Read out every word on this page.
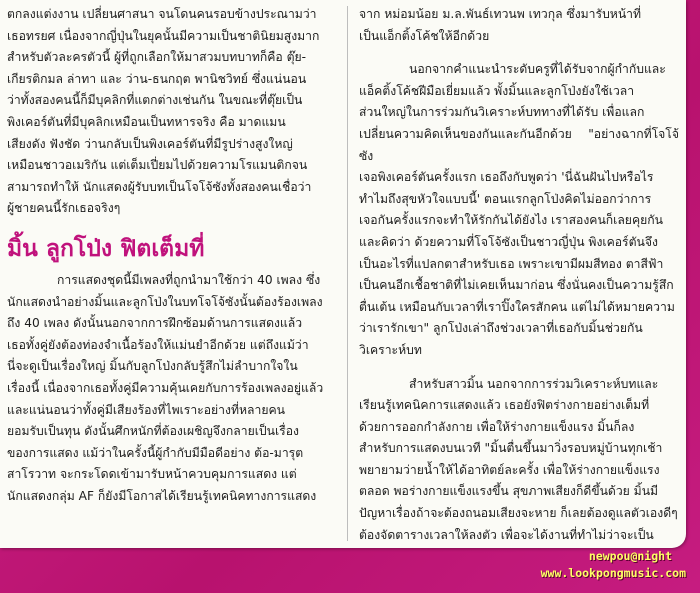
ตกลงแต่งงาน เปลี่ยนศาสนา จนโดนคนรอบข้างประณามว่า
เธอทรยศ เนื่องจากญี่ปุ่นในยุคนั้นมีความเป็นชาตินิยมสูงมาก
สำหรับตัวละครตัวนี้ ผู้ที่ถูกเลือกให้มาสวมบทบาทก็คือ ตุ๊ย-
เกียรติกมล ล่าทา และ ว่าน-ธนกฤต พานิชวิทย์ ซึ่งแน่นอน
ว่าทั้งสองคนนี้ก็มีบุคลิกที่แตกต่างเช่นกัน ในขณะที่ตุ๊ยเป็น
พิงเคอร์ตันที่มีบุคลิกเหมือนเป็นทหารจริง คือ มาดแมน
เสียงดัง ฟังชัด ว่านกลับเป็นพิงเคอร์ตันที่มีรูปร่างสูงใหญ่
เหมือนชาวอเมริกัน แต่เต็มเปี่ยมไปด้วยความโรแมนติกจน
สามารถทำให้ นักแสดงผู้รับบทเป็นโจโจ้ซังทั้งสองคนเชื่อว่า
ผู้ชายคนนี้รักเธอจริงๆ

มิ้น ลูกโป่ง ฟิตเต็มที่

การแสดงชุดนี้มีเพลงที่ถูกนำมาใช้กว่า 40 เพลง ซึ่ง
นักแสดงนำอย่างมิ้นและลูกโป่งในบทโจโจ้ซังนั้นต้องร้องเพลง
ถึง 40 เพลง ดังนั้นนอกจากการฝึกซ้อมด้านการแสดงแล้ว
เธอทั้งคู่ยังต้องท่องจำเนื้อร้องให้แม่นยำอีกด้วย แต่ถึงแม้ว่า
นี่จะดูเป็นเรื่องใหญ่ มิ้นกับลูกโป่งกลับรู้สึกไม่ลำบากใจใน
เรื่องนี้ เนื่องจากเธอทั้งคู่มีความคุ้นเคยกับการร้องเพลงอยู่แล้ว
และแน่นอนว่าทั้งคู่มีเสียงร้องที่ไพเราะอย่างที่หลายคน
ยอมรับเป็นทุน ดังนั้นศึกหนักที่ต้องเผชิญจึงกลายเป็นเรื่อง
ของการแสดง แม้ว่าในครั้งนี้ผู้กำกับมีมือดีอย่าง ต้อ-มารุต
สาโรวาท จะกระโดดเข้ามารับหน้าควบคุมการแสดง แต่
นักแสดงกลุ่ม AF ก็ยังมีโอกาสได้เรียนรู้เทคนิคทางการแสดง

จาก หม่อมน้อย ม.ล.พันธ์เทวนพ เทวกุล ซึ่งมารับหน้าที่
เป็นแอ็กติ้งโค้ชให้อีกด้วย

นอกจากคำแนะนำระดับครูที่ได้รับจากผู้กำกับและ
แอ็คติ้งโค้ชฝีมือเยี่ยมแล้ว พั้งมิ้นและลูกโป่งยังใช้เวลา
ส่วนใหญ่ในการร่วมกันวิเคราะห์บททางที่ได้รับ เพื่อแลก
เปลี่ยนความคิดเห็นของกันและกันอีกด้วย "อย่างฉากที่โจโจ้ซัง
เจอพิงเคอร์ตันครั้งแรก เธอถึงกับพูดว่า 'นี่ฉันฝันไปหรือไร
ทำไมถึงสุขหัวใจแบบนี้' ตอนแรกลูกโป่งคิดไม่ออกว่าการ
เจอกันครั้งแรกจะทำให้รักกันได้ยังไง เราสองคนก็เลยคุยกัน
และคิดว่า ด้วยความที่โจโจ้ซังเป็นชาวญี่ปุ่น พิงเคอร์ตันจึง
เป็นอะไรที่แปลกตาสำหรับเธอ เพราะเขามีผมสีทอง ตาสีฟ้า
เป็นคนอีกเชื้อชาติที่ไม่เคยเห็นมาก่อน ซึ่งนั่นคงเป็นความรู้สึก
ตื่นเต้น เหมือนกับเวลาที่เราปิ๊งใครสักคน แต่ไม่ได้หมายความ
ว่าเรารักเขา" ลูกโป่งเล่าถึงช่วงเวลาที่เธอกับมิ้นช่วยกัน
วิเคราะห์บท

สำหรับสาวมิ้น นอกจากการร่วมวิเคราะห์บทและ
เรียนรู้เทคนิคการแสดงแล้ว เธอยังฟิตร่างกายอย่างเต็มที่
ด้วยการออกกำลังกาย เพื่อให้ร่างกายแข็งแรง มิ้นก็ลง
สำหรับการแสดงบนเวที "มิ้นตื่นขึ้นมาวิ่งรอบหมู่บ้านทุกเช้า
พยายามว่ายน้ำให้ได้อาทิตย์ละครั้ง เพื่อให้ร่างกายแข็งแรง
ตลอด พอร่างกายแข็งแรงขึ้น สุขภาพเสียงก็ดีขึ้นด้วย มิ้นมี
ปัญหาเรื่องถ้าจะต้องถนอมเสียงจะหาย ก็เลยต้องดูแลตัวเองดีๆ
ต้องจัดตารางเวลาให้ลงตัว เพื่อจะได้งานที่ทำไม่ว่าจะเป็น

newpou@night
www.lookpongmusic.com
